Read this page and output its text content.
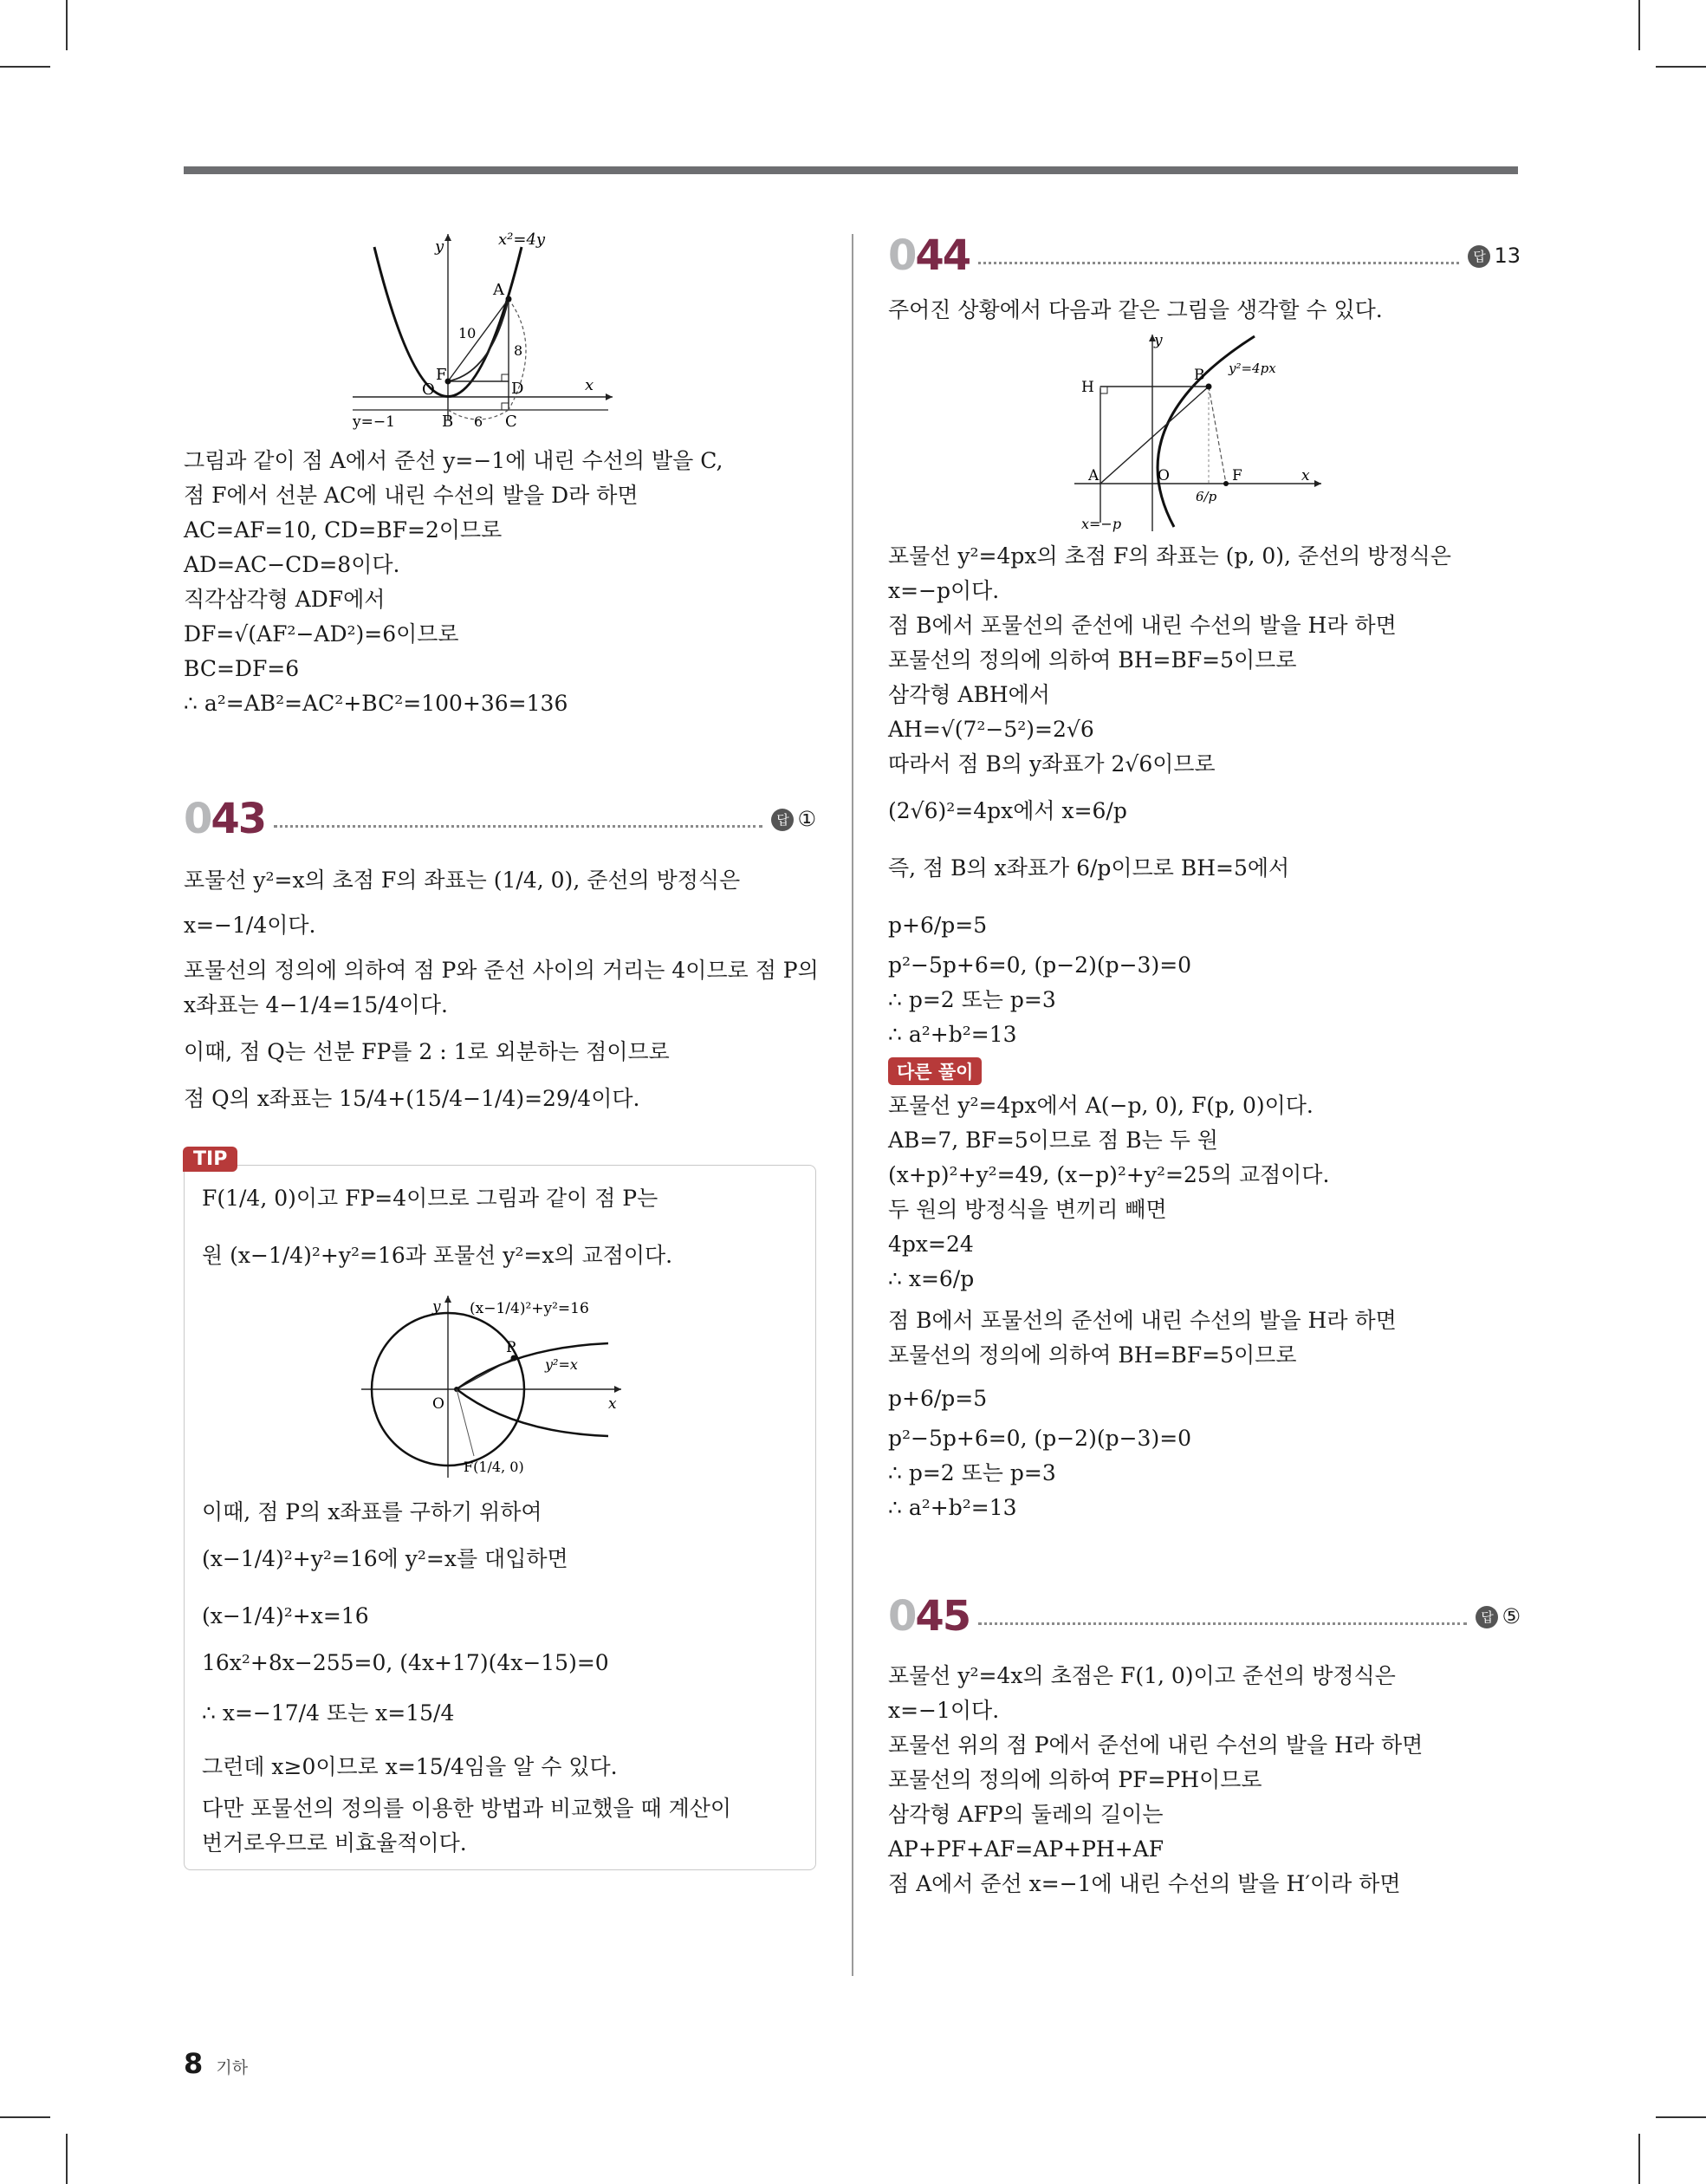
y	x²=4y
A
10
8
O
F
D	x
y=−1	B 6 C
그림과 같이 점 A에서 준선 y=−1에 내린 수선의 발을 C,
점 F에서 선분 AC에 내린 수선의 발을 D라 하면
AC=AF=10, CD=BF=2이므로
AD=AC−CD=8이다.
직각삼각형 ADF에서
DF=√(AF²−AD²)=6이므로
BC=DF=6
∴ a²=AB²=AC²+BC²=100+36=136
043	답 ①
포물선 y²=x의 초점 F의 좌표는 (1/4, 0), 준선의 방정식은
x=−1/4이다.
포물선의 정의에 의하여 점 P와 준선 사이의 거리는 4이므로 점 P의
x좌표는 4−1/4=15/4이다.
이때, 점 Q는 선분 FP를 2 : 1로 외분하는 점이므로
점 Q의 x좌표는 15/4+(15/4−1/4)=29/4이다.
TIP
F(1/4, 0)이고 FP=4이므로 그림과 같이 점 P는
원 (x−1/4)²+y²=16과 포물선 y²=x의 교점이다.
y (x−1/4)²+y²=16
P
y²=x
O	x
F(1/4, 0)
이때, 점 P의 x좌표를 구하기 위하여
(x−1/4)²+y²=16에 y²=x를 대입하면
(x−1/4)²+x=16
16x²+8x−255=0, (4x+17)(4x−15)=0
∴ x=−17/4 또는 x=15/4
그런데 x≥0이므로 x=15/4임을 알 수 있다.
다만 포물선의 정의를 이용한 방법과 비교했을 때 계산이
번거로우므로 비효율적이다.
044	답 13
주어진 상황에서 다음과 같은 그림을 생각할 수 있다.
y
H
B y²=4px
A	O
6/p
F	x
x=−p
포물선 y²=4px의 초점 F의 좌표는 (p, 0), 준선의 방정식은
x=−p이다.
점 B에서 포물선의 준선에 내린 수선의 발을 H라 하면
포물선의 정의에 의하여 BH=BF=5이므로
삼각형 ABH에서
AH=√(7²−5²)=2√6
따라서 점 B의 y좌표가 2√6이므로
(2√6)²=4px에서 x=6/p
즉, 점 B의 x좌표가 6/p이므로 BH=5에서
p+6/p=5
p²−5p+6=0, (p−2)(p−3)=0
∴ p=2 또는 p=3
∴ a²+b²=13
다른 풀이
포물선 y²=4px에서 A(−p, 0), F(p, 0)이다.
AB=7, BF=5이므로 점 B는 두 원
(x+p)²+y²=49, (x−p)²+y²=25의 교점이다.
두 원의 방정식을 변끼리 빼면
4px=24
∴ x=6/p
점 B에서 포물선의 준선에 내린 수선의 발을 H라 하면
포물선의 정의에 의하여 BH=BF=5이므로
p+6/p=5
p²−5p+6=0, (p−2)(p−3)=0
∴ p=2 또는 p=3
∴ a²+b²=13
045	답 ⑤
포물선 y²=4x의 초점은 F(1, 0)이고 준선의 방정식은
x=−1이다.
포물선 위의 점 P에서 준선에 내린 수선의 발을 H라 하면
포물선의 정의에 의하여 PF=PH이므로
삼각형 AFP의 둘레의 길이는
AP+PF+AF=AP+PH+AF
점 A에서 준선 x=−1에 내린 수선의 발을 H′이라 하면
8 기하
